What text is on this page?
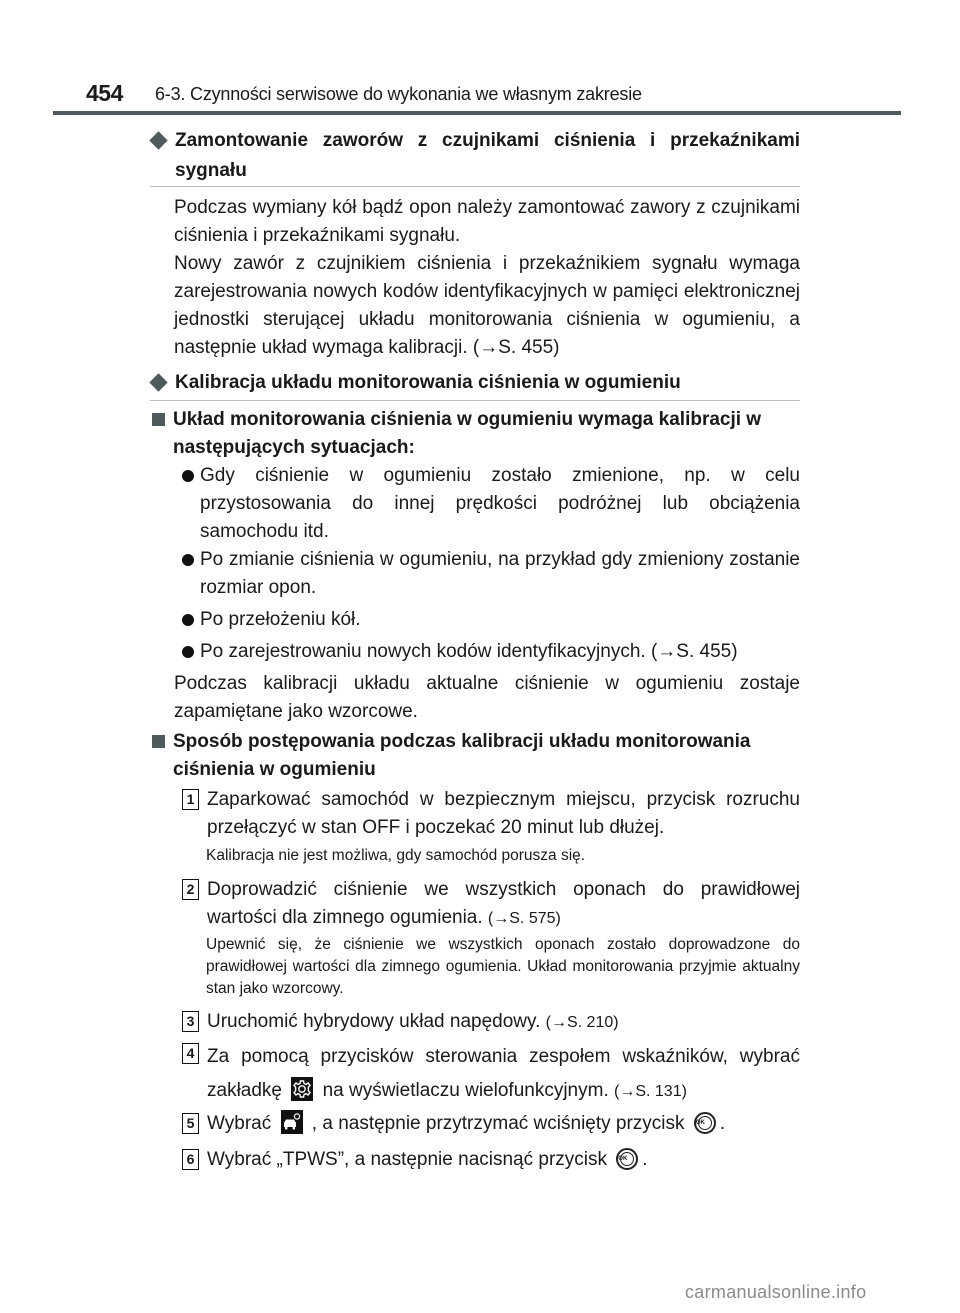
454 6-3. Czynności serwisowe do wykonania we własnym zakresie
Zamontowanie zaworów z czujnikami ciśnienia i przekaźnikami sygnału
Podczas wymiany kół bądź opon należy zamontować zawory z czujnikami ciśnienia i przekaźnikami sygnału.
Nowy zawór z czujnikiem ciśnienia i przekaźnikiem sygnału wymaga zarejestrowania nowych kodów identyfikacyjnych w pamięci elektronicznej jednostki sterującej układu monitorowania ciśnienia w ogumieniu, a następnie układ wymaga kalibracji. (→S. 455)
Kalibracja układu monitorowania ciśnienia w ogumieniu
Układ monitorowania ciśnienia w ogumieniu wymaga kalibracji w następujących sytuacjach:
Gdy ciśnienie w ogumieniu zostało zmienione, np. w celu przystosowania do innej prędkości podróżnej lub obciążenia samochodu itd.
Po zmianie ciśnienia w ogumieniu, na przykład gdy zmieniony zostanie rozmiar opon.
Po przełożeniu kół.
Po zarejestrowaniu nowych kodów identyfikacyjnych. (→S. 455)
Podczas kalibracji układu aktualne ciśnienie w ogumieniu zostaje zapamiętane jako wzorcowe.
Sposób postępowania podczas kalibracji układu monitorowania ciśnienia w ogumieniu
1 Zaparkować samochód w bezpiecznym miejscu, przycisk rozruchu przełączyć w stan OFF i poczekać 20 minut lub dłużej.
Kalibracja nie jest możliwa, gdy samochód porusza się.
2 Doprowadzić ciśnienie we wszystkich oponach do prawidłowej wartości dla zimnego ogumienia. (→S. 575)
Upewnić się, że ciśnienie we wszystkich oponach zostało doprowadzone do prawidłowej wartości dla zimnego ogumienia. Układ monitorowania przyjmie aktualny stan jako wzorcowy.
3 Uruchomić hybrydowy układ napędowy. (→S. 210)
4 Za pomocą przycisków sterowania zespołem wskaźników, wybrać zakładkę na wyświetlaczu wielofunkcyjnym. (→S. 131)
5 Wybrać , a następnie przytrzymać wciśnięty przycisk OK .
6 Wybrać „TPWS”, a następnie nacisnąć przycisk OK .
carmanualsonline.info
